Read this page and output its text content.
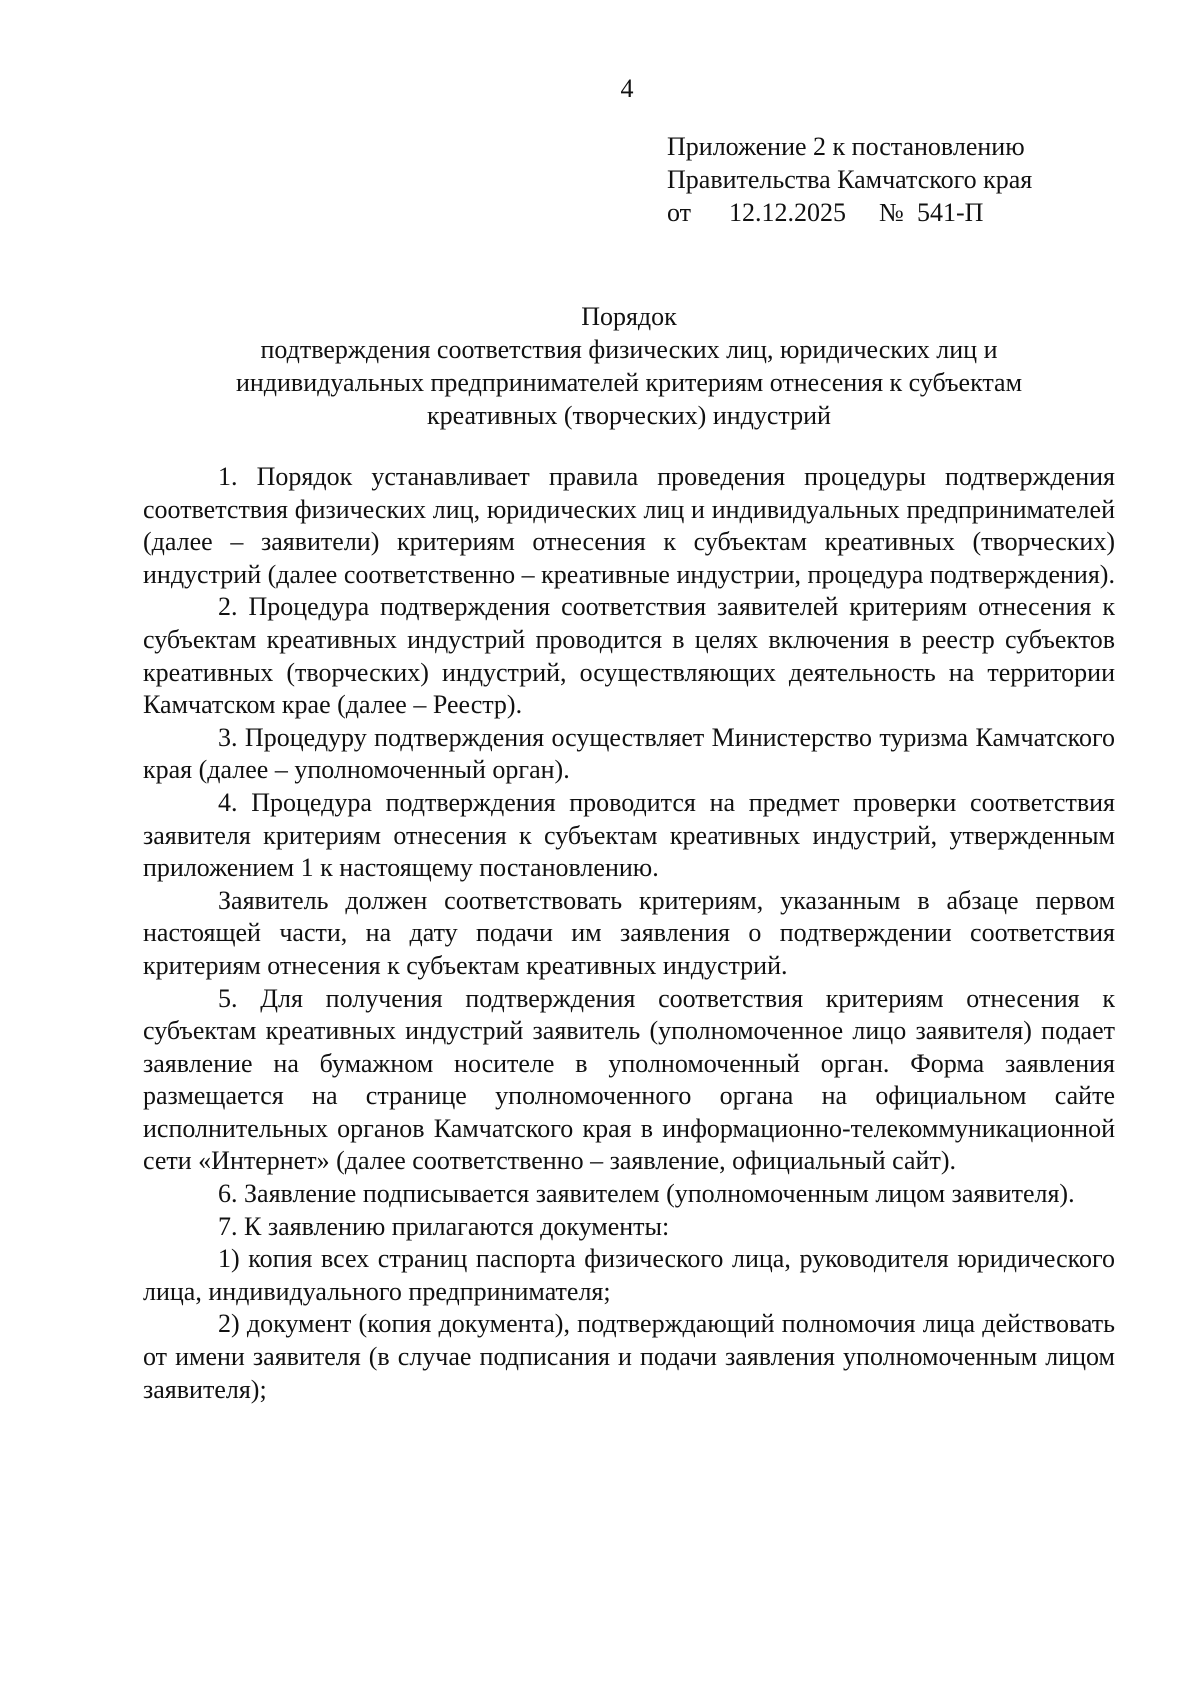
4
Приложение 2 к постановлению
Правительства Камчатского края
от 12.12.2025 № 541-П
Порядок
подтверждения соответствия физических лиц, юридических лиц и
индивидуальных предпринимателей критериям отнесения к субъектам
креативных (творческих) индустрий

1. Порядок устанавливает правила проведения процедуры подтверждения соответствия физических лиц, юридических лиц и индивидуальных предпринимателей (далее – заявители) критериям отнесения к субъектам креативных (творческих) индустрий (далее соответственно – креативные индустрии, процедура подтверждения).

2. Процедура подтверждения соответствия заявителей критериям отнесения к субъектам креативных индустрий проводится в целях включения в реестр субъектов креативных (творческих) индустрий, осуществляющих деятельность на территории Камчатском крае (далее – Реестр).

3. Процедуру подтверждения осуществляет Министерство туризма Камчатского края (далее – уполномоченный орган).

4. Процедура подтверждения проводится на предмет проверки соответствия заявителя критериям отнесения к субъектам креативных индустрий, утвержденным приложением 1 к настоящему постановлению.

Заявитель должен соответствовать критериям, указанным в абзаце первом настоящей части, на дату подачи им заявления о подтверждении соответствия критериям отнесения к субъектам креативных индустрий.

5. Для получения подтверждения соответствия критериям отнесения к субъектам креативных индустрий заявитель (уполномоченное лицо заявителя) подает заявление на бумажном носителе в уполномоченный орган. Форма заявления размещается на странице уполномоченного органа на официальном сайте исполнительных органов Камчатского края в информационно-телекоммуникационной сети «Интернет» (далее соответственно – заявление, официальный сайт).

6. Заявление подписывается заявителем (уполномоченным лицом заявителя).

7. К заявлению прилагаются документы:

1) копия всех страниц паспорта физического лица, руководителя юридического лица, индивидуального предпринимателя;

2) документ (копия документа), подтверждающий полномочия лица действовать от имени заявителя (в случае подписания и подачи заявления уполномоченным лицом заявителя);
